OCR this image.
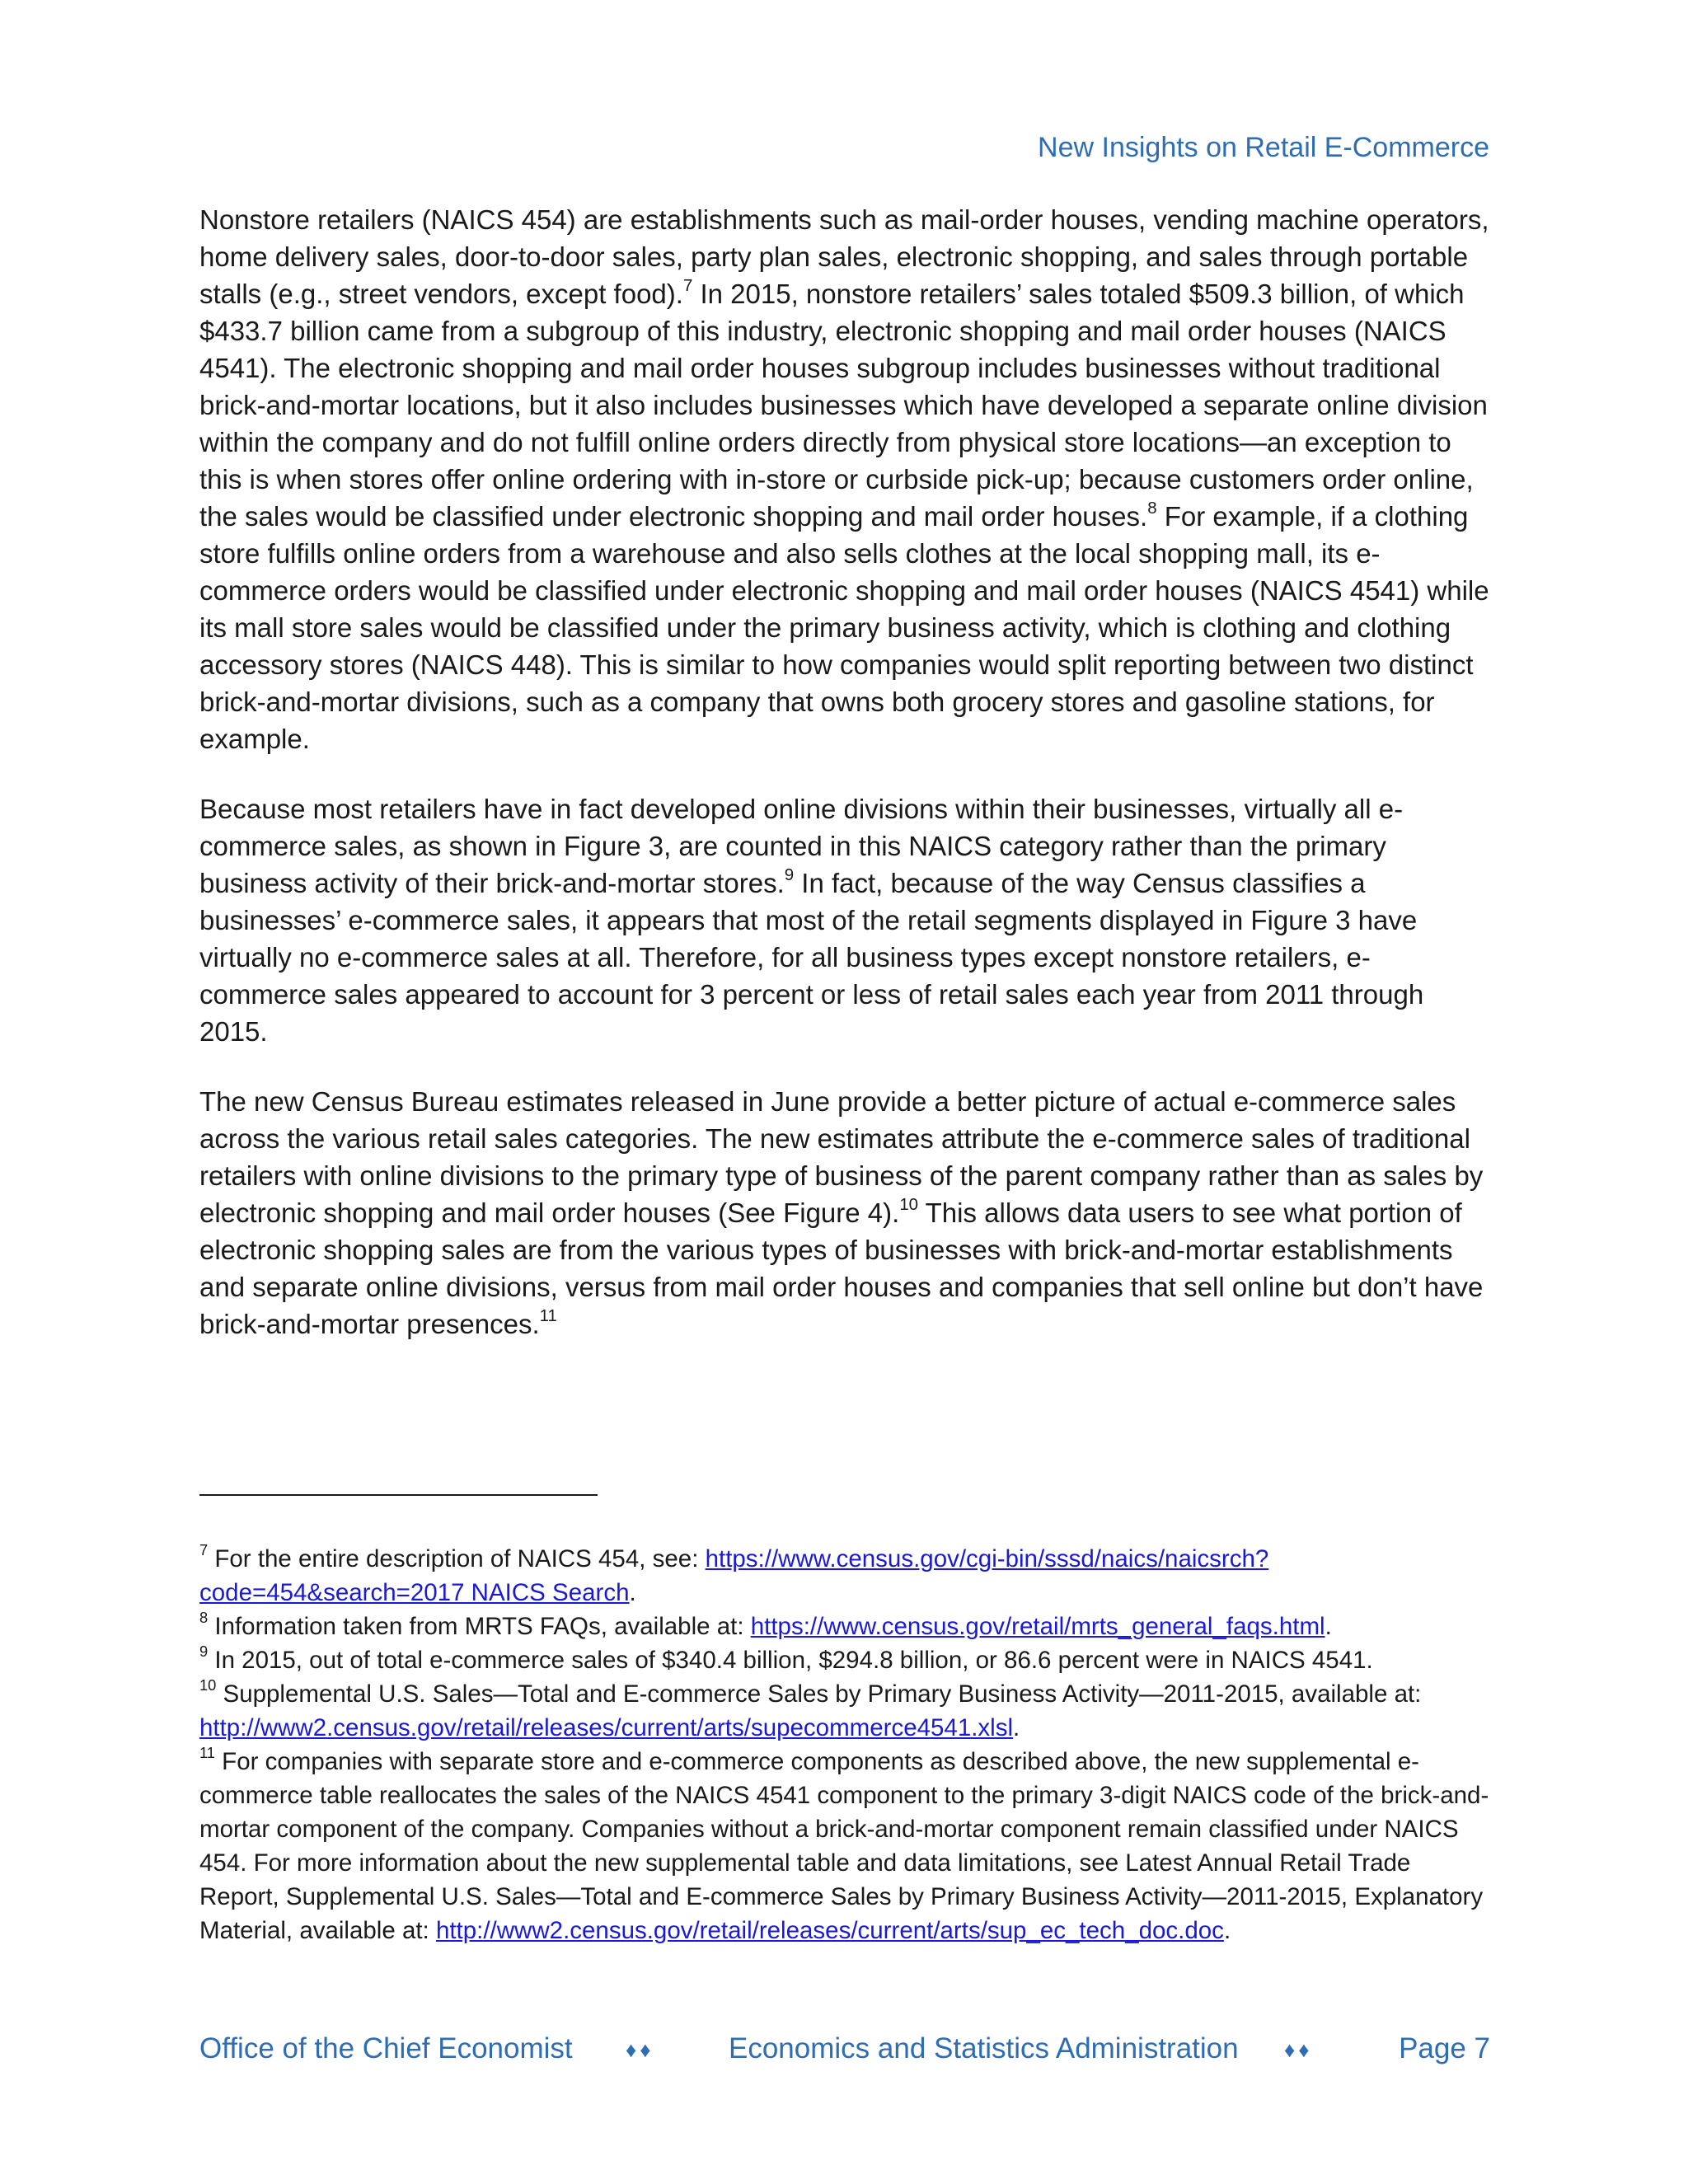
New Insights on Retail E-Commerce

Nonstore retailers (NAICS 454) are establishments such as mail-order houses, vending machine operators, home delivery sales, door-to-door sales, party plan sales, electronic shopping, and sales through portable stalls (e.g., street vendors, except food).$^7$ In 2015, nonstore retailers’ sales totaled $509.3 billion, of which $433.7 billion came from a subgroup of this industry, electronic shopping and mail order houses (NAICS 4541). The electronic shopping and mail order houses subgroup includes businesses without traditional brick-and-mortar locations, but it also includes businesses which have developed a separate online division within the company and do not fulfill online orders directly from physical store locations—an exception to this is when stores offer online ordering with in-store or curbside pick-up; because customers order online, the sales would be classified under electronic shopping and mail order houses.$^8$ For example, if a clothing store fulfills online orders from a warehouse and also sells clothes at the local shopping mall, its e-commerce orders would be classified under electronic shopping and mail order houses (NAICS 4541) while its mall store sales would be classified under the primary business activity, which is clothing and clothing accessory stores (NAICS 448). This is similar to how companies would split reporting between two distinct brick-and-mortar divisions, such as a company that owns both grocery stores and gasoline stations, for example.

Because most retailers have in fact developed online divisions within their businesses, virtually all e-commerce sales, as shown in Figure 3, are counted in this NAICS category rather than the primary business activity of their brick-and-mortar stores.$^9$ In fact, because of the way Census classifies a businesses’ e-commerce sales, it appears that most of the retail segments displayed in Figure 3 have virtually no e-commerce sales at all. Therefore, for all business types except nonstore retailers, e-commerce sales appeared to account for 3 percent or less of retail sales each year from 2011 through 2015.

The new Census Bureau estimates released in June provide a better picture of actual e-commerce sales across the various retail sales categories. The new estimates attribute the e-commerce sales of traditional retailers with online divisions to the primary type of business of the parent company rather than as sales by electronic shopping and mail order houses (See Figure 4).$^{10}$ This allows data users to see what portion of electronic shopping sales are from the various types of businesses with brick-and-mortar establishments and separate online divisions, versus from mail order houses and companies that sell online but don’t have brick-and-mortar presences.$^{11}$

$^7$ For the entire description of NAICS 454, see: https://www.census.gov/cgi-bin/sssd/naics/naicsrch?code=454&search=2017 NAICS Search.

$^8$ Information taken from MRTS FAQs, available at: https://www.census.gov/retail/mrts_general_faqs.html.

$^9$ In 2015, out of total e-commerce sales of $340.4 billion, $294.8 billion, or 86.6 percent were in NAICS 4541.

$^{10}$ Supplemental U.S. Sales—Total and E-commerce Sales by Primary Business Activity—2011-2015, available at: http://www2.census.gov/retail/releases/current/arts/supecommerce4541.xlsl.

$^{11}$ For companies with separate store and e-commerce components as described above, the new supplemental e-commerce table reallocates the sales of the NAICS 4541 component to the primary 3-digit NAICS code of the brick-and-mortar component of the company. Companies without a brick-and-mortar component remain classified under NAICS 454. For more information about the new supplemental table and data limitations, see Latest Annual Retail Trade Report, Supplemental U.S. Sales—Total and E-commerce Sales by Primary Business Activity—2011-2015, Explanatory Material, available at: http://www2.census.gov/retail/releases/current/arts/sup_ec_tech_doc.doc.

Office of the Chief Economist ♦♦	Economics and Statistics Administration ♦♦	Page 7
